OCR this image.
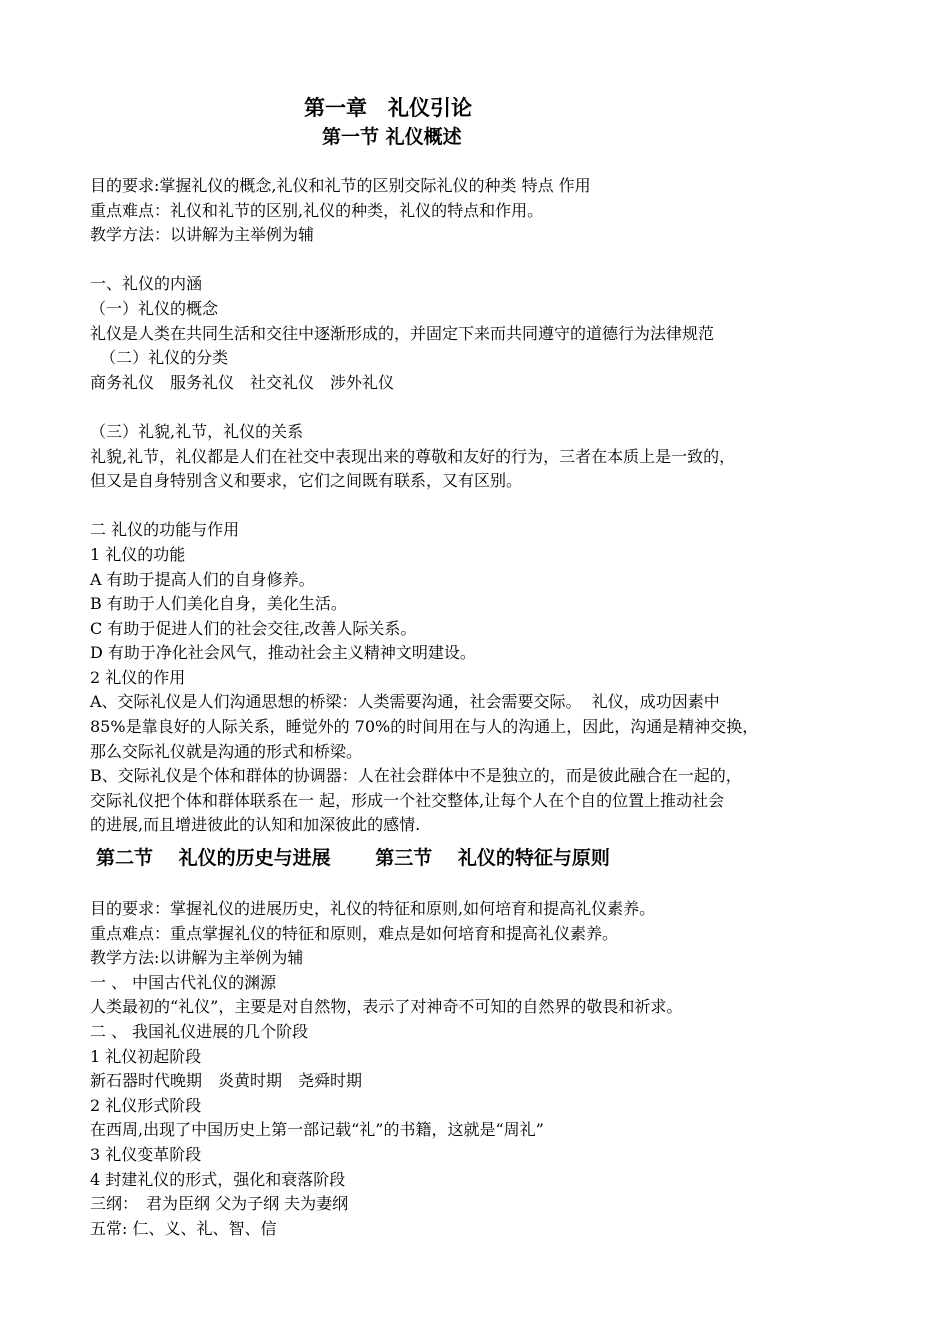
第一章　礼仪引论
第一节 礼仪概述
目的要求:掌握礼仪的概念,礼仪和礼节的区别交际礼仪的种类 特点 作用
重点难点：礼仪和礼节的区别,礼仪的种类，礼仪的特点和作用。
教学方法：以讲解为主举例为辅
一、礼仪的内涵
（一）礼仪的概念
礼仪是人类在共同生活和交往中逐渐形成的，并固定下来而共同遵守的道德行为法律规范
（二）礼仪的分类
商务礼仪　服务礼仪　社交礼仪　涉外礼仪
（三）礼貌,礼节，礼仪的关系
礼貌,礼节，礼仪都是人们在社交中表现出来的尊敬和友好的行为，三者在本质上是一致的，
但又是自身特别含义和要求，它们之间既有联系，又有区别。
二 礼仪的功能与作用
1 礼仪的功能
A 有助于提高人们的自身修养。
B 有助于人们美化自身，美化生活。
C 有助于促进人们的社会交往,改善人际关系。
D 有助于净化社会风气，推动社会主义精神文明建设。
2 礼仪的作用
A、交际礼仪是人们沟通思想的桥梁：人类需要沟通，社会需要交际。  礼仪，成功因素中
85%是靠良好的人际关系，睡觉外的 70%的时间用在与人的沟通上，因此，沟通是精神交换，
那么交际礼仪就是沟通的形式和桥梁。
B、交际礼仪是个体和群体的协调器：人在社会群体中不是独立的，而是彼此融合在一起的，
交际礼仪把个体和群体联系在一 起，形成一个社交整体,让每个人在个自的位置上推动社会
的进展,而且增进彼此的认知和加深彼此的感情.
第二节　 礼仪的历史与进展　　 第三节　 礼仪的特征与原则
目的要求：掌握礼仪的进展历史，礼仪的特征和原则,如何培育和提高礼仪素养。
重点难点：重点掌握礼仪的特征和原则，难点是如何培育和提高礼仪素养。
教学方法:以讲解为主举例为辅
一 、 中国古代礼仪的渊源
人类最初的“礼仪”，主要是对自然物，表示了对神奇不可知的自然界的敬畏和祈求。
二 、 我国礼仪进展的几个阶段
1 礼仪初起阶段
新石器时代晚期　炎黄时期　尧舜时期
2 礼仪形式阶段
在西周,出现了中国历史上第一部记载“礼”的书籍，这就是“周礼”
3 礼仪变革阶段
4 封建礼仪的形式，强化和衰落阶段
三纲：　君为臣纲 父为子纲 夫为妻纲
五常: 仁、义、礼、智、信
